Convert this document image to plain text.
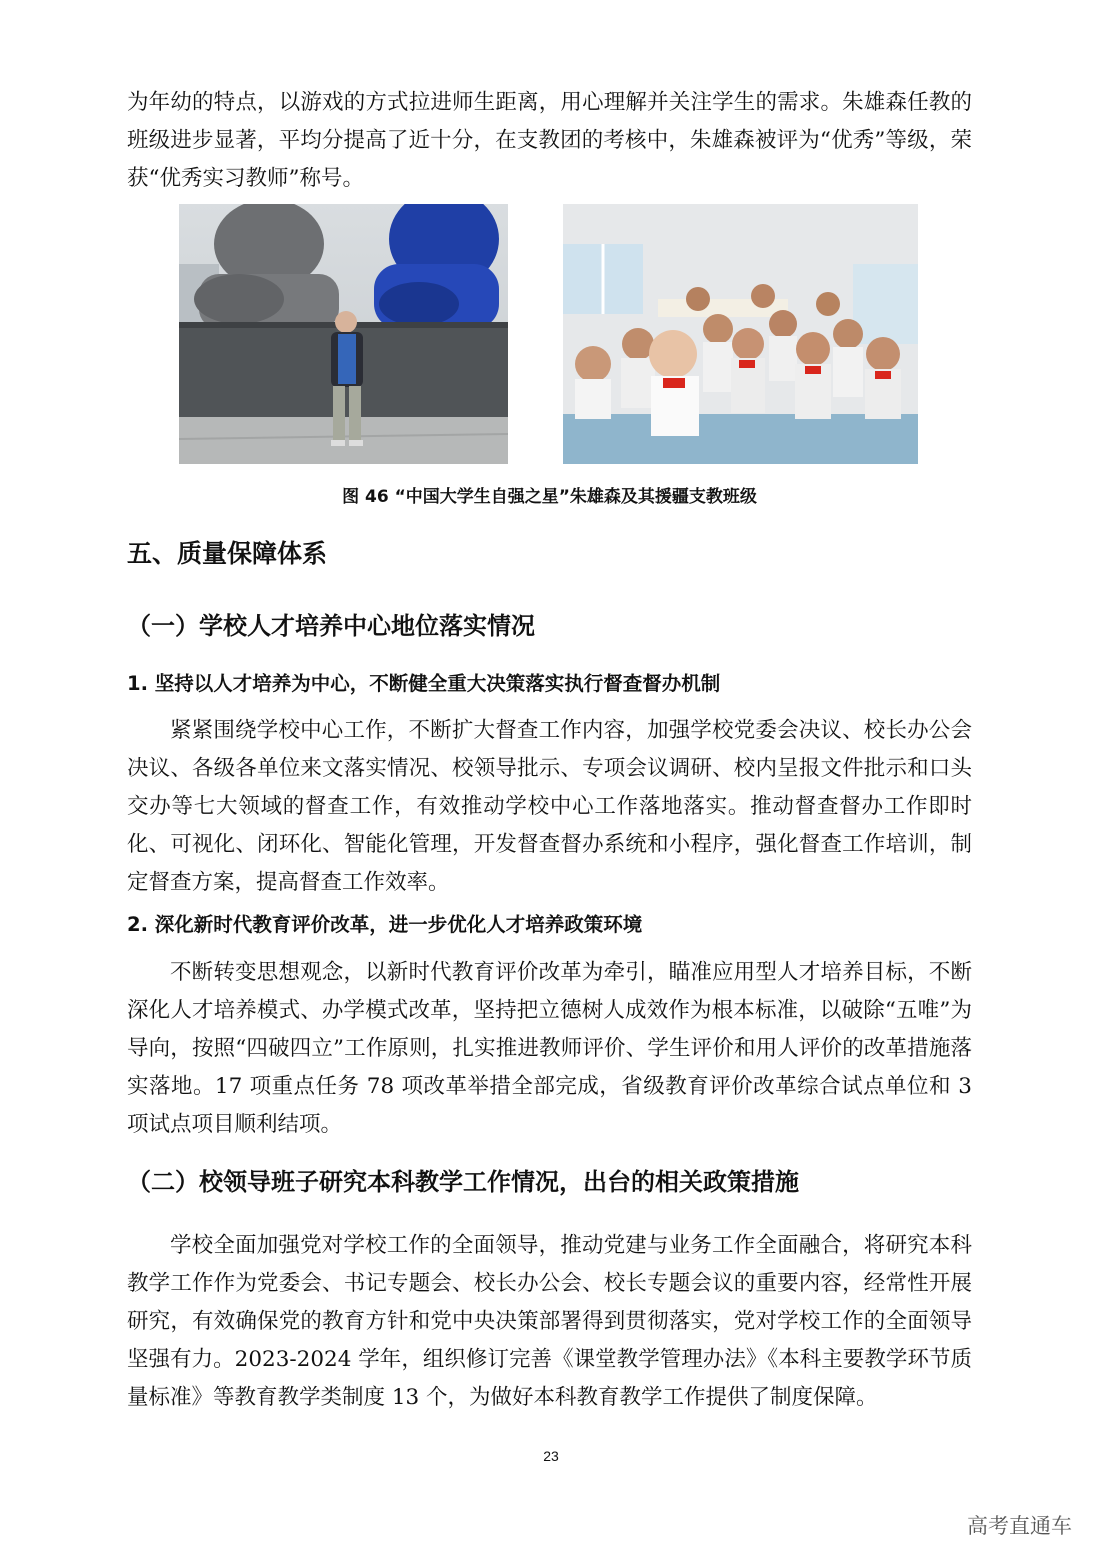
为年幼的特点，以游戏的方式拉进师生距离，用心理解并关注学生的需求。朱雄森任教的班级进步显著，平均分提高了近十分，在支教团的考核中，朱雄森被评为“优秀”等级，荣获“优秀实习教师”称号。

图 46 “中国大学生自强之星”朱雄森及其援疆支教班级
五、质量保障体系
（一）学校人才培养中心地位落实情况
1. 坚持以人才培养为中心，不断健全重大决策落实执行督查督办机制

紧紧围绕学校中心工作，不断扩大督查工作内容，加强学校党委会决议、校长办公会决议、各级各单位来文落实情况、校领导批示、专项会议调研、校内呈报文件批示和口头交办等七大领域的督查工作，有效推动学校中心工作落地落实。推动督查督办工作即时化、可视化、闭环化、智能化管理，开发督查督办系统和小程序，强化督查工作培训，制定督查方案，提高督查工作效率。

2. 深化新时代教育评价改革，进一步优化人才培养政策环境

不断转变思想观念，以新时代教育评价改革为牵引，瞄准应用型人才培养目标，不断深化人才培养模式、办学模式改革，坚持把立德树人成效作为根本标准，以破除“五唯”为导向，按照“四破四立”工作原则，扎实推进教师评价、学生评价和用人评价的改革措施落实落地。17 项重点任务 78 项改革举措全部完成，省级教育评价改革综合试点单位和 3 项试点项目顺利结项。

（二）校领导班子研究本科教学工作情况，出台的相关政策措施

学校全面加强党对学校工作的全面领导，推动党建与业务工作全面融合，将研究本科教学工作作为党委会、书记专题会、校长办公会、校长专题会议的重要内容，经常性开展研究，有效确保党的教育方针和党中央决策部署得到贯彻落实，党对学校工作的全面领导坚强有力。2023-2024 学年，组织修订完善《课堂教学管理办法》《本科主要教学环节质量标准》等教育教学类制度 13 个，为做好本科教育教学工作提供了制度保障。

23
高考直通车
